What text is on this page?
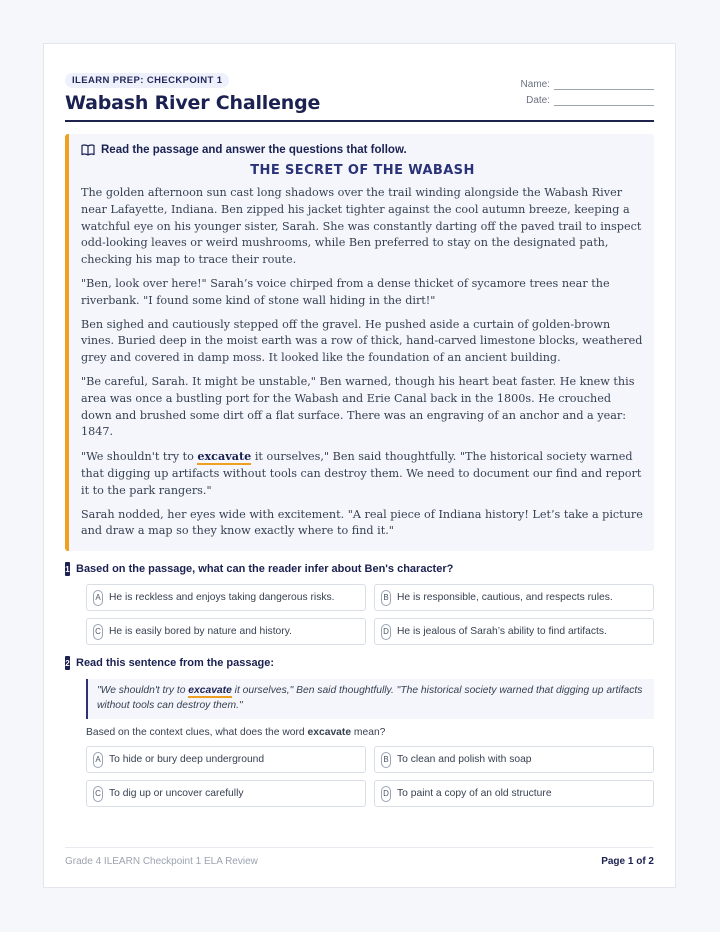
ILEARN PREP: CHECKPOINT 1
Wabash River Challenge
Name:
Date:
Read the passage and answer the questions that follow.
THE SECRET OF THE WABASH

The golden afternoon sun cast long shadows over the trail winding alongside the Wabash River near Lafayette, Indiana. Ben zipped his jacket tighter against the cool autumn breeze, keeping a watchful eye on his younger sister, Sarah. She was constantly darting off the paved trail to inspect odd-looking leaves or weird mushrooms, while Ben preferred to stay on the designated path, checking his map to trace their route.

"Ben, look over here!" Sarah’s voice chirped from a dense thicket of sycamore trees near the riverbank. "I found some kind of stone wall hiding in the dirt!"

Ben sighed and cautiously stepped off the gravel. He pushed aside a curtain of golden-brown vines. Buried deep in the moist earth was a row of thick, hand-carved limestone blocks, weathered grey and covered in damp moss. It looked like the foundation of an ancient building.

"Be careful, Sarah. It might be unstable," Ben warned, though his heart beat faster. He knew this area was once a bustling port for the Wabash and Erie Canal back in the 1800s. He crouched down and brushed some dirt off a flat surface. There was an engraving of an anchor and a year: 1847.

"We shouldn't try to excavate it ourselves," Ben said thoughtfully. "The historical society warned that digging up artifacts without tools can destroy them. We need to document our find and report it to the park rangers."

Sarah nodded, her eyes wide with excitement. "A real piece of Indiana history! Let’s take a picture and draw a map so they know exactly where to find it."

1 Based on the passage, what can the reader infer about Ben's character?
A He is reckless and enjoys taking dangerous risks.	B He is responsible, cautious, and respects rules.
C He is easily bored by nature and history.	D He is jealous of Sarah’s ability to find artifacts.
2 Read this sentence from the passage:
"We shouldn't try to excavate it ourselves," Ben said thoughtfully. "The historical society warned that digging up artifacts without tools can destroy them."
Based on the context clues, what does the word excavate mean?
A To hide or bury deep underground	B To clean and polish with soap
C To dig up or uncover carefully	D To paint a copy of an old structure
Grade 4 ILEARN Checkpoint 1 ELA Review	Page 1 of 2
